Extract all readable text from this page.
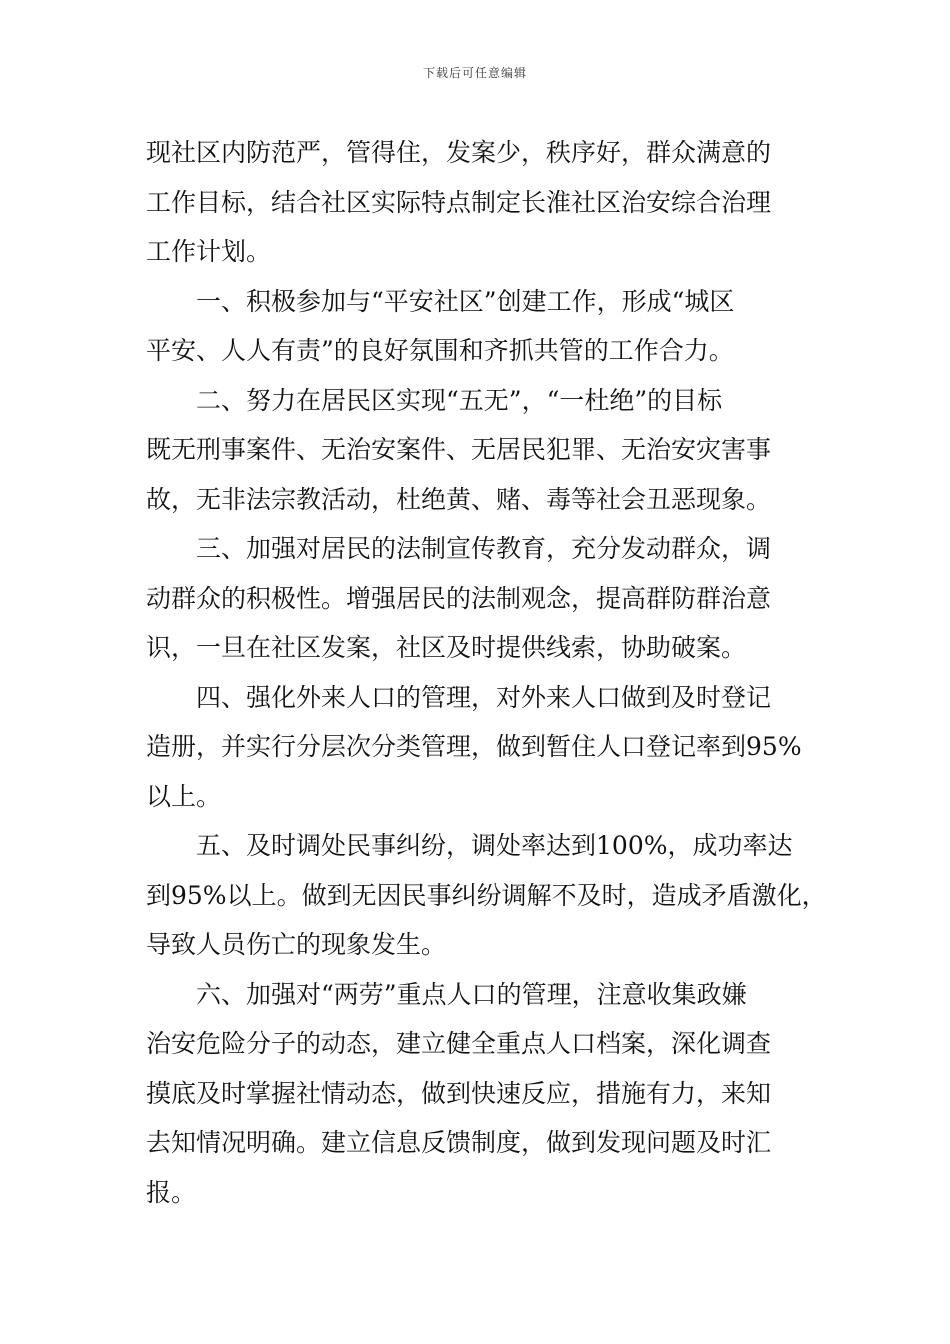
下载后可任意编辑
现社区内防范严，管得住，发案少，秩序好，群众满意的
工作目标，结合社区实际特点制定长淮社区治安综合治理
工作计划。
一、积极参加与“平安社区”创建工作，形成“城区
平安、人人有责”的良好氛围和齐抓共管的工作合力。
二、努力在居民区实现“五无”，“一杜绝”的目标
既无刑事案件、无治安案件、无居民犯罪、无治安灾害事
故，无非法宗教活动，杜绝黄、赌、毒等社会丑恶现象。
三、加强对居民的法制宣传教育，充分发动群众，调
动群众的积极性。增强居民的法制观念，提高群防群治意
识，一旦在社区发案，社区及时提供线索，协助破案。
四、强化外来人口的管理，对外来人口做到及时登记
造册，并实行分层次分类管理，做到暂住人口登记率到95%
以上。
五、及时调处民事纠纷，调处率达到100%，成功率达
到95%以上。做到无因民事纠纷调解不及时，造成矛盾激化，
导致人员伤亡的现象发生。
六、加强对“两劳”重点人口的管理，注意收集政嫌
治安危险分子的动态，建立健全重点人口档案，深化调查
摸底及时掌握社情动态，做到快速反应，措施有力，来知
去知情况明确。建立信息反馈制度，做到发现问题及时汇
报。
